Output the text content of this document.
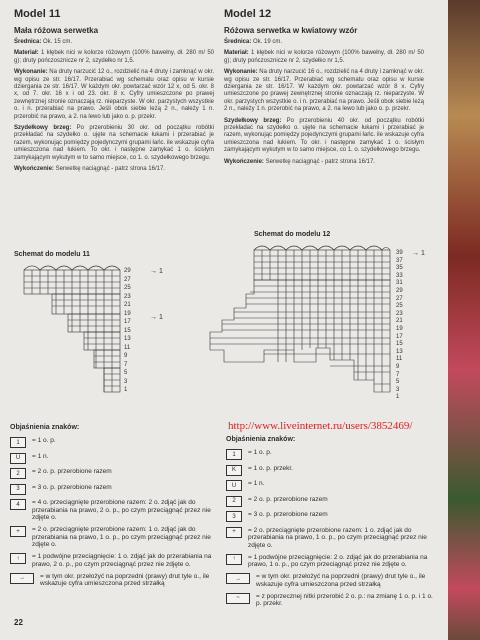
Model 11
Mała różowa serwetka
Średnica: Ok. 15 cm.
Materiał: 1 kłębek nici w kolorze różowym (100% bawełny, dł. 280 m/ 50 g); druty pończosznicze nr 2, szydełko nr 1,5.
Wykonanie: Na druty narzucić 12 o., rozdzielić na 4 druty i zamknąć w okr. wg opisu ze str. 16/17. Przerabiać wg schematu oraz opisu w kursie dziergania ze str. 16/17. W każdym okr. powtarzać wzór 12 x, od 5. okr. 8 x, od 7. okr. 16 x i od 23. okr. 8 x. Cyfry umieszczone po prawej zewnętrznej stronie oznaczają rz. nieparzyste. W okr. parzystych wszystkie o. i n. przerabiać na prawo. Jeśli obok siebie leżą 2 n., należy 1 n. przerobić na prawo, a 2. na lewo lub jako o. p. przekr.
Szydełkowy brzeg: Po przerobieniu 30 okr. od początku robótki przekładać na szydełko o. ujęte na schemacie łukami i przerabiać je razem, wykonując pomiędzy pojedynczymi grupami łańc. ile wskazuje cyfra umieszczona nad łukiem. To okr. i następne zamykać 1 o. ścisłym zamykającym wykutym w to samo miejsce, co 1. o. szydełkowego brzegu.
Wykończenie: Serwetkę naciągnąć - patrz strona 16/17.
Model 12
Różowa serwetka w kwiatowy wzór
Średnica: Ok. 19 cm.
Materiał: 1 kłębek nici w kolorze różowym (100% bawełny, dł. 280 m/ 50 g); druty pończosznicze nr 2, szydełko nr 1,5.
Wykonanie: Na druty narzucić 16 o., rozdzielić na 4 druty i zamknąć w okr. wg opisu ze str. 16/17. Przerabiać wg schematu oraz opisu w kursie dziergania ze str. 16/17. W każdym okr. powtarzać wzór 8 x. Cyfry umieszczone po prawej zewnętrznej stronie oznaczają rz. nieparzyste. W okr. parzystych wszystkie o. i n. przerabiać na prawo. Jeśli obok siebie leżą 2 n., należy 1 n. przerobić na prawo, a 2. na lewo lub jako o. p. przekr.
Szydełkowy brzeg: Po przerobieniu 40 okr. od początku robótki przekładać na szydełko o. ujęte na schemacie łukami i przerabiać je razem, wykonując pomiędzy pojedynczymi grupami łańc. ile wskazuje cyfra umieszczona nad łukiem. To okr. i następne zamykać 1 o. ścisłym zamykającym wykutym w to samo miejsce, co 1. o. szydełkowego brzegu.
Wykończenie: Serwetkę naciągnąć - patrz strona 16/17.
Schemat do modelu 11
29
27
25
23
21
19
17
15
13
11
9
7
5
3
1
→ 1
→ 1
Schemat do modelu 12
39
37
35
33
31
29
27
25
23
21
19
17
15
13
11
9
7
5
3
1
→ 1
Objaśnienia znaków:
1	= 1 o. p.
U	= 1 n.
2	= 2 o. p. przerobione razem
3	= 3 o. p. przerobione razem
4	= 4 o. przeciągnięte przerobione razem: 2 o. zdjąć jak do przerabiania na prawo, 2 o. p., po czym przeciągnąć przez nie zdjęte o.
+	= 2 o. przeciągnięte przerobione razem: 1 o. zdjąć jak do przerabiania na prawo, 1 o. p., po czym przeciągnąć przez nie zdjęte o.
↑	= 1 podwójne przeciągnięcie: 1 o. zdjąć jak do przerabiania na prawo, 2 o. p., po czym przeciągnąć przez nie zdjęte o.
→	= w tym okr. przełożyć na poprzedni (prawy) drut tyle o., ile wskazuje cyfra umieszczona przed strzałką
Objaśnienia znaków:
1	= 1 o. p.
K	= 1 o. p. przekr.
U	= 1 n.
2	= 2 o. p. przerobione razem
3	= 3 o. p. przerobione razem
+	= 2 o. przeciągnięte przerobione razem: 1 o. zdjąć jak do przerabiania na prawo, 1 o. p., po czym przeciągnąć przez nie zdjęte o.
↑	= 1 podwójne przeciągnięcie: 2 o. zdjąć jak do przerabiania na prawo, 1 o. p., po czym przeciągnąć przez nie zdjęte o.
→	= w tym okr. przełożyć na poprzedni (prawy) drut tyle o., ile wskazuje cyfra umieszczona przed strzałką
~	= z poprzecznej nitki przerobić 2 o. p.: na zmianę 1 o. p. i 1 o. p. przekr.
http://www.liveinternet.ru/users/3852469/
22
